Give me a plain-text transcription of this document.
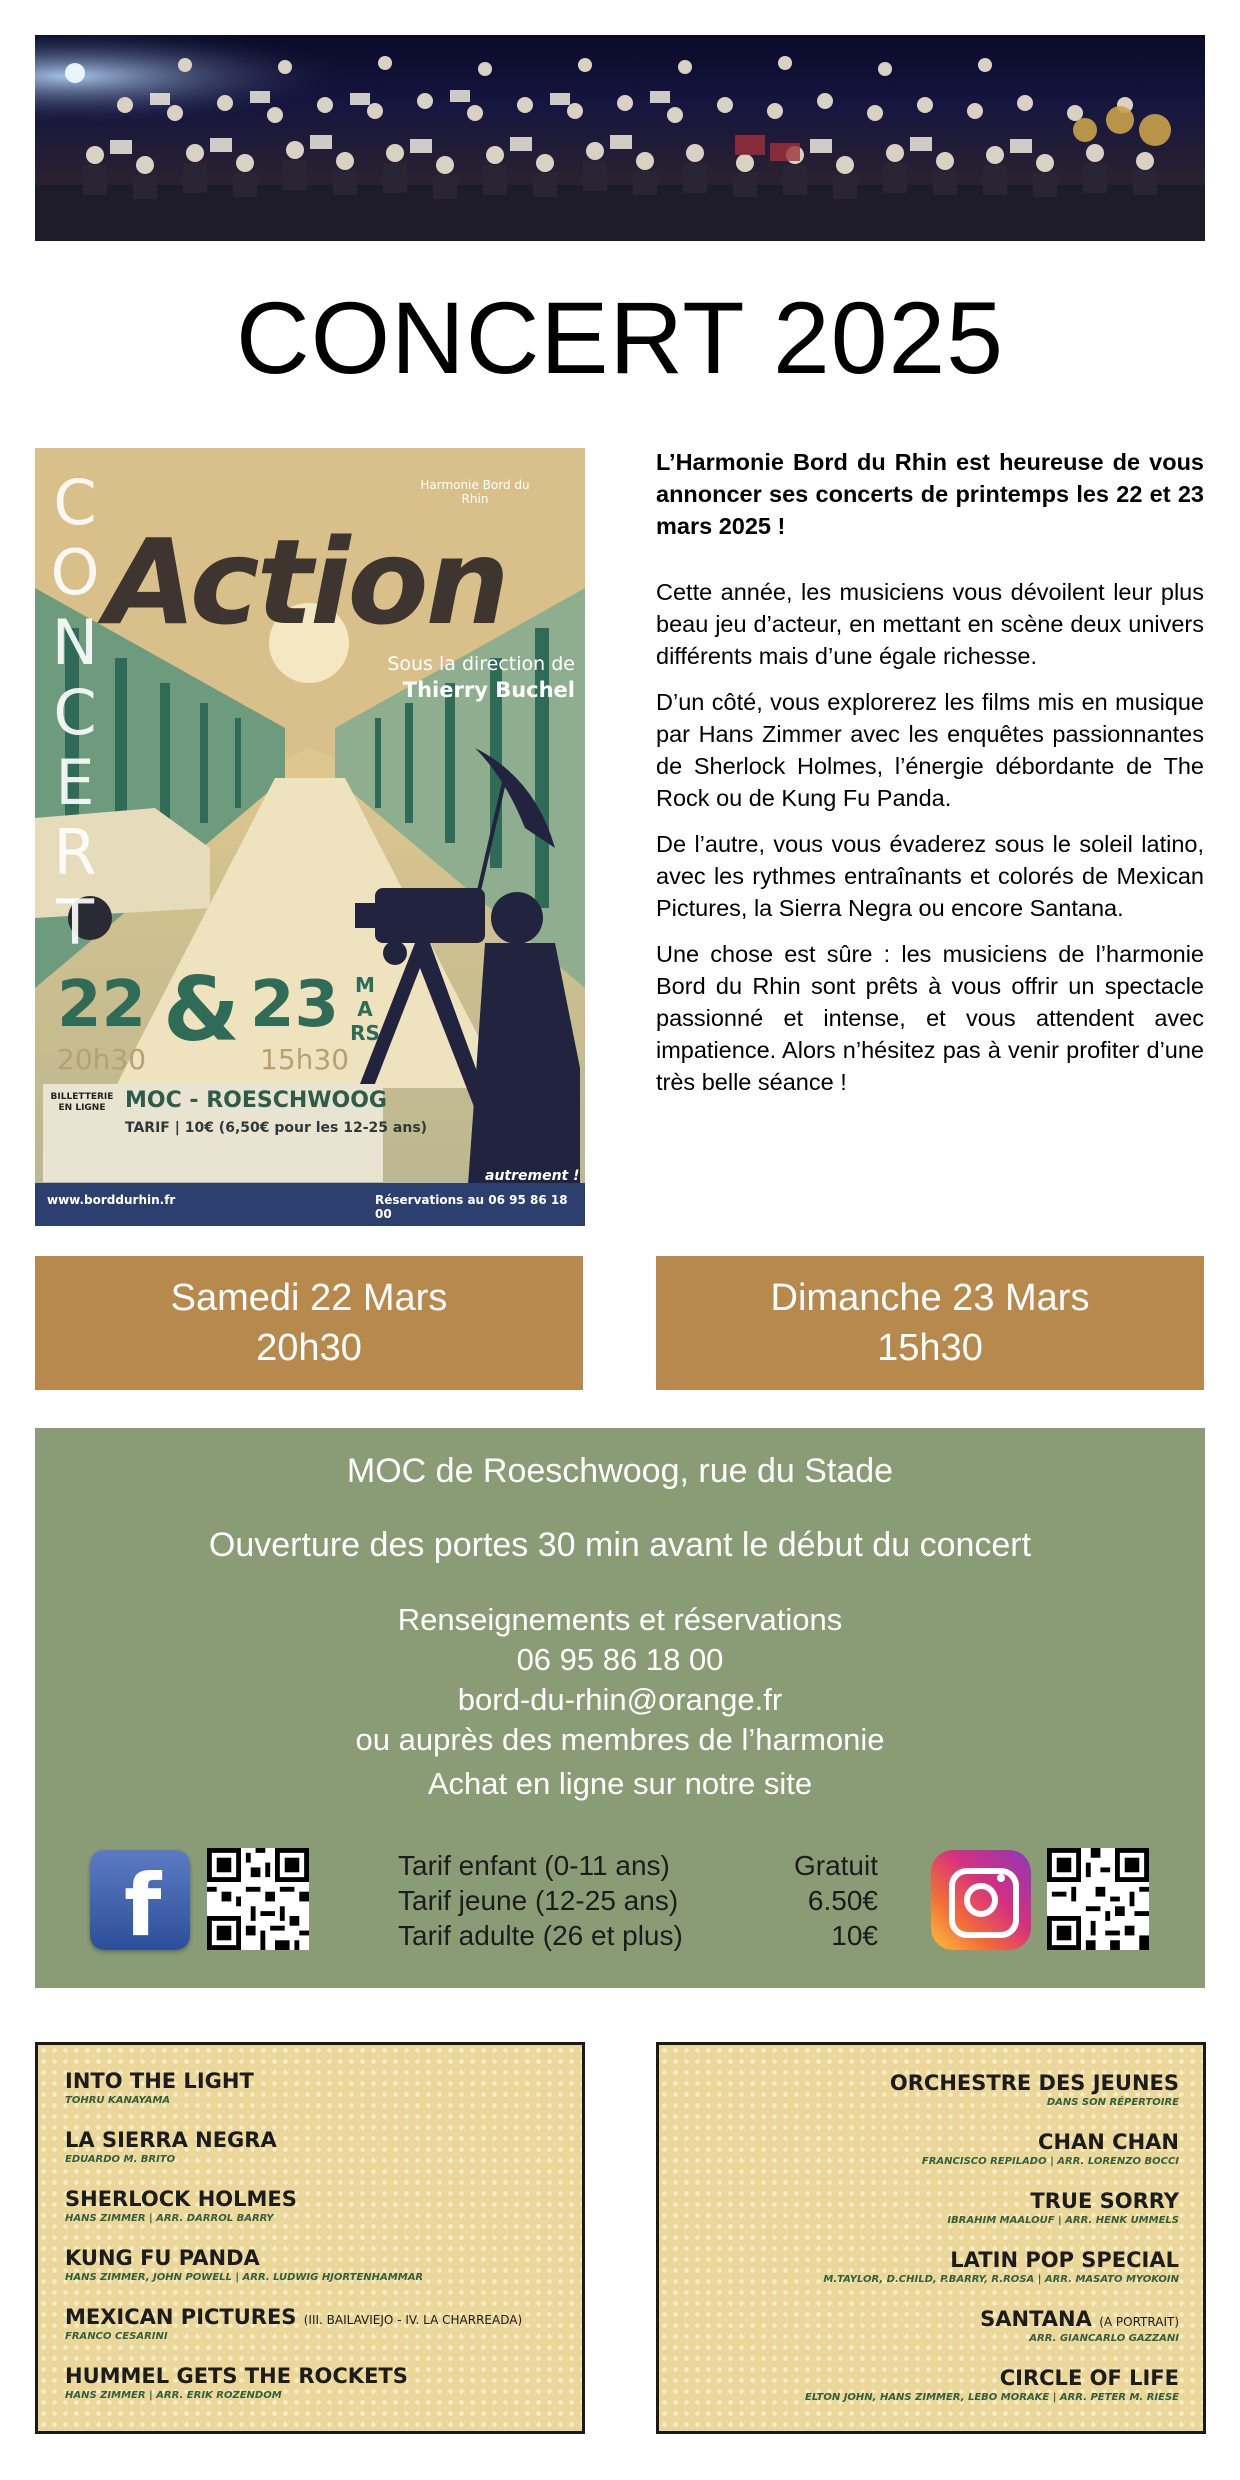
CONCERT 2025
CONCERT
Harmonie Bord du Rhin
Action
Sous la direction de
Thierry Buchel
22 & 23 MARS
20h30	15h30
BILLETTERIE EN LIGNE MOC - ROESCHWOOG
TARIF | 10€ (6,50€ pour les 12-25 ans)
autrement !
www.borddurhin.fr	Réservations au 06 95 86 18 00

L’Harmonie Bord du Rhin est heureuse de vous annoncer ses concerts de printemps les 22 et 23 mars 2025 !

Cette année, les musiciens vous dévoilent leur plus beau jeu d’acteur, en mettant en scène deux univers différents mais d’une égale richesse.

D’un côté, vous explorerez les films mis en musique par Hans Zimmer avec les enquêtes passionnantes de Sherlock Holmes, l’énergie débordante de The Rock ou de Kung Fu Panda.

De l’autre, vous vous évaderez sous le soleil latino, avec les rythmes entraînants et colorés de Mexican Pictures, la Sierra Negra ou encore Santana.

Une chose est sûre : les musiciens de l’harmonie Bord du Rhin sont prêts à vous offrir un spectacle passionné et intense, et vous attendent avec impatience. Alors n’hésitez pas à venir profiter d’une très belle séance !

Samedi 22 Mars
20h30
Dimanche 23 Mars
15h30
MOC de Roeschwoog, rue du Stade
Ouverture des portes 30 min avant le début du concert
Renseignements et réservations
06 95 86 18 00
bord-du-rhin@orange.fr
ou auprès des membres de l’harmonie
Achat en ligne sur notre site
f	Tarif enfant (0-11 ans)	Gratuit
Tarif jeune (12-25 ans)	6.50€
Tarif adulte (26 et plus)	10€
INTO THE LIGHT
TOHRU KANAYAMA
LA SIERRA NEGRA
EDUARDO M. BRITO
SHERLOCK HOLMES
HANS ZIMMER | ARR. DARROL BARRY
KUNG FU PANDA
HANS ZIMMER, JOHN POWELL | ARR. LUDWIG HJORTENHAMMAR
MEXICAN PICTURES (III. BAILAVIEJO - IV. LA CHARREADA)
FRANCO CESARINI
HUMMEL GETS THE ROCKETS
HANS ZIMMER | ARR. ERIK ROZENDOM
ORCHESTRE DES JEUNES
DANS SON RÉPERTOIRE
CHAN CHAN
FRANCISCO REPILADO | ARR. LORENZO BOCCI
TRUE SORRY
IBRAHIM MAALOUF | ARR. HENK UMMELS
LATIN POP SPECIAL
M.TAYLOR, D.CHILD, P.BARRY, R.ROSA | ARR. MASATO MYOKOIN
SANTANA (A PORTRAIT)
ARR. GIANCARLO GAZZANI
CIRCLE OF LIFE
ELTON JOHN, HANS ZIMMER, LEBO MORAKE | ARR. PETER M. RIESE
